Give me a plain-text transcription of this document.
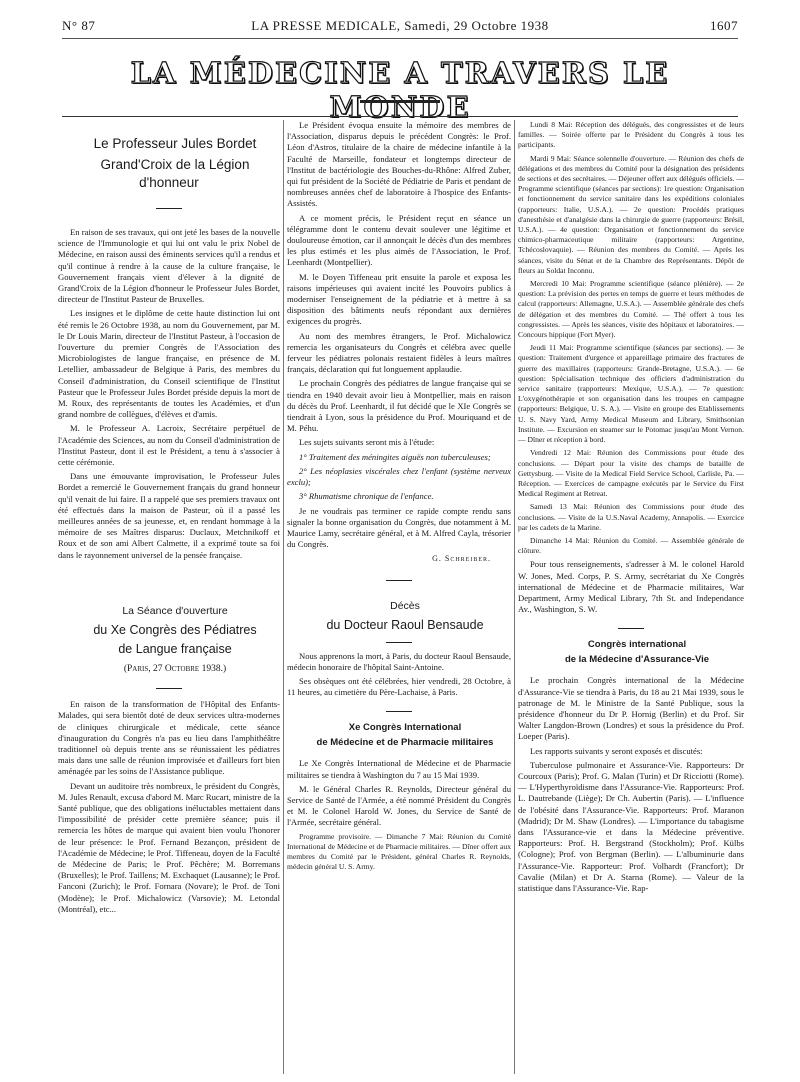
N° 87	LA PRESSE MEDICALE, Samedi, 29 Octobre 1938	1607
LA MÉDECINE A TRAVERS LE MONDE

Le Professeur Jules Bordet

Grand'Croix de la Légion d'honneur

En raison de ses travaux, qui ont jeté les bases de la nouvelle science de l'Immunologie et qui lui ont valu le prix Nobel de Médecine, en raison aussi des éminents services qu'il a rendus et qu'il continue à rendre à la cause de la culture française, le Gouvernement français vient d'élever à la dignité de Grand'Croix de la Légion d'honneur le Professeur Jules Bordet, directeur de l'Institut Pasteur de Bruxelles.

Les insignes et le diplôme de cette haute distinction lui ont été remis le 26 Octobre 1938, au nom du Gouvernement, par M. le Dr Louis Marin, directeur de l'Institut Pasteur, à l'occasion de l'ouverture du premier Congrès de l'Association des Microbiologistes de langue française, en présence de M. Letellier, ambassadeur de Belgique à Paris, des membres du Conseil d'administration, du Conseil scientifique de l'Institut Pasteur que le Professeur Jules Bordet préside depuis la mort de M. Roux, des représentants de toutes les Académies, et d'un grand nombre de collègues, d'élèves et d'amis.

M. le Professeur A. Lacroix, Secrétaire perpétuel de l'Académie des Sciences, au nom du Conseil d'administration de l'Institut Pasteur, dont il est le Président, a tenu à s'associer à cette cérémonie.

Dans une émouvante improvisation, le Professeur Jules Bordet a remercié le Gouvernement français du grand honneur qu'il venait de lui faire. Il a rappelé que ses premiers travaux ont été effectués dans la maison de Pasteur, où il a passé les meilleures années de sa jeunesse, et, en rendant hommage à la mémoire de ses Maîtres disparus: Duclaux, Metchnikoff et Roux et de son ami Albert Calmette, il a exprimé toute sa foi dans le rayonnement universel de la pensée française.

La Séance d'ouverture

du Xe Congrès des Pédiatres

de Langue française

(Paris, 27 Octobre 1938.)

En raison de la transformation de l'Hôpital des Enfants-Malades, qui sera bientôt doté de deux services ultra-modernes de cliniques chirurgicale et médicale, cette séance d'inauguration du Congrès n'a pas eu lieu dans l'amphithéâtre traditionnel où depuis trente ans se réunissaient les pédiatres mais dans une salle de réunion improvisée et d'ailleurs fort bien aménagée par les soins de l'Assistance publique.

Devant un auditoire très nombreux, le président du Congrès, M. Jules Renault, excusa d'abord M. Marc Rucart, ministre de la Santé publique, que des obligations inéluctables mettaient dans l'impossibilité de présider cette première séance; puis il remercia les hôtes de marque qui avaient bien voulu l'honorer de leur présence: le Prof. Fernand Bezançon, président de l'Académie de Médecine; le Prof. Tiffeneau, doyen de la Faculté de Médecine de Paris; le Prof. Pêchère; M. Borremans (Bruxelles); le Prof. Taillens; M. Exchaquet (Lausanne); le Prof. Fanconi (Zurich); le Prof. Fornara (Novare); le Prof. de Toni (Modène); le Prof. Michalowicz (Varsovie); M. Letondal (Montréal), etc...

Le Président évoqua ensuite la mémoire des membres de l'Association, disparus depuis le précédent Congrès: le Prof. Léon d'Astros, titulaire de la chaire de médecine infantile à la Faculté de Marseille, fondateur et longtemps directeur de l'Institut de bactériologie des Bouches-du-Rhône: Alfred Zuber, qui fut président de la Société de Pédiatrie de Paris et pendant de nombreuses années chef de laboratoire à l'hospice des Enfants-Assistés.

A ce moment précis, le Président reçut en séance un télégramme dont le contenu devait soulever une légitime et douloureuse émotion, car il annonçait le décès d'un des membres les plus estimés et les plus aimés de l'Association, le Prof. Leenhardt (Montpellier).

M. le Doyen Tiffeneau prit ensuite la parole et exposa les raisons impérieuses qui avaient incité les Pouvoirs publics à moderniser l'enseignement de la pédiatrie et à mettre à sa disposition des bâtiments neufs répondant aux dernières exigences du progrès.

Au nom des membres étrangers, le Prof. Michalowicz remercia les organisateurs du Congrès et célébra avec quelle ferveur les pédiatres polonais restaient fidèles à leurs maîtres français, déclaration qui fut longuement applaudie.

Le prochain Congrès des pédiatres de langue française qui se tiendra en 1940 devait avoir lieu à Montpellier, mais en raison du décès du Prof. Leenhardt, il fut décidé que le XIe Congrès se tiendrait à Lyon, sous la présidence du Prof. Mouriquand et de M. Péhu.

Les sujets suivants seront mis à l'étude:

1° Traitement des méningites aiguës non tuberculeuses;

2° Les néoplasies viscérales chez l'enfant (système nerveux exclu);

3° Rhumatisme chronique de l'enfance.

Je ne voudrais pas terminer ce rapide compte rendu sans signaler la bonne organisation du Congrès, due notamment à M. Maurice Lamy, secrétaire général, et à M. Alfred Cayla, trésorier du Congrès.

G. Schreiber.

Décès

du Docteur Raoul Bensaude

Nous apprenons la mort, à Paris, du docteur Raoul Bensaude, médecin honoraire de l'hôpital Saint-Antoine.

Ses obsèques ont été célébrées, hier vendredi, 28 Octobre, à 11 heures, au cimetière du Père-Lachaise, à Paris.

Xe Congrès International

de Médecine et de Pharmacie militaires

Le Xe Congrès International de Médecine et de Pharmacie militaires se tiendra à Washington du 7 au 15 Mai 1939.

M. le Général Charles R. Reynolds, Directeur général du Service de Santé de l'Armée, a été nommé Président du Congrès et M. le Colonel Harold W. Jones, du Service de Santé de l'Armée, secrétaire général.

Programme provisoire. — Dimanche 7 Mai: Réunion du Comité International de Médecine et de Pharmacie militaires. — Dîner offert aux membres du Comité par le Président, général Charles R. Reynolds, médecin général U. S. Army.

Lundi 8 Mai: Réception des délégués, des congressistes et de leurs familles. — Soirée offerte par le Président du Congrès à tous les participants.

Mardi 9 Mai: Séance solennelle d'ouverture. — Réunion des chefs de délégations et des membres du Comité pour la désignation des présidents de sections et des secrétaires. — Déjeuner offert aux délégués officiels. — Programme scientifique (séances par sections): 1re question: Organisation et fonctionnement du service sanitaire dans les expéditions coloniales (rapporteurs: Italie, U.S.A.). — 2e question: Procédés pratiques d'anesthésie et d'analgésie dans la chirurgie de guerre (rapporteurs: Brésil, U.S.A.). — 4e question: Organisation et fonctionnement du service chimico-pharmaceutique militaire (rapporteurs: Argentine, Tchécoslovaquie). — Réunion des membres du Comité. — Après les séances, visite du Sénat et de la Chambre des Représentants. Dépôt de fleurs au Soldat Inconnu.

Mercredi 10 Mai: Programme scientifique (séance plénière). — 2e question: La prévision des pertes en temps de guerre et leurs méthodes de calcul (rapporteurs: Allemagne, U.S.A.). — Assemblée générale des chefs de délégation et des membres du Comité. — Thé offert à tous les congressistes. — Après les séances, visite des hôpitaux et laboratoires. — Concours hippique (Fort Myer).

Jeudi 11 Mai: Programme scientifique (séances par sections). — 3e question: Traitement d'urgence et appareillage primaire des fractures de guerre des maxillaires (rapporteurs: Grande-Bretagne, U.S.A.). — 6e question: Spécialisation technique des officiers d'administration du service sanitaire (rapporteurs: Mexique, U.S.A.). — 7e question: L'oxygénothérapie et son organisation dans les troupes en campagne (rapporteurs: Belgique, U. S. A.). — Visite en groupe des Etablissements U. S. Navy Yard, Army Medical Museum and Library, Smithsonian Institute. — Excursion en steamer sur le Potomac jusqu'au Mont Vernon. — Dîner et réception à bord.

Vendredi 12 Mai: Réunion des Commissions pour étude des conclusions. — Départ pour la visite des champs de bataille de Gettysburg. — Visite de la Medical Field Service School, Carlisle, Pa. — Réception. — Exercices de campagne exécutés par le Service du First Medical Regiment at Retreat.

Samedi 13 Mai: Réunion des Commissions pour étude des conclusions. — Visite de la U.S.Naval Academy, Annapolis. — Exercice par les cadets de la Marine.

Dimanche 14 Mai: Réunion du Comité. — Assemblée générale de clôture.

Pour tous renseignements, s'adresser à M. le colonel Harold W. Jones, Med. Corps, P. S. Army, secrétariat du Xe Congrès international de Médecine et de Pharmacie militaires, War Department, Army Medical Library, 7th St. and Independance Av., Washington, S. W.

Congrès international

de la Médecine d'Assurance-Vie

Le prochain Congrès international de la Médecine d'Assurance-Vie se tiendra à Paris, du 18 au 21 Mai 1939, sous le patronage de M. le Ministre de la Santé Publique, sous la présidence d'honneur du Dr P. Hornig (Berlin) et du Prof. Sir Walter Langdon-Brown (Londres) et sous la présidence du Prof. Loeper (Paris).

Les rapports suivants y seront exposés et discutés:

Tuberculose pulmonaire et Assurance-Vie. Rapporteurs: Dr Courcoux (Paris); Prof. G. Malan (Turin) et Dr Ricciotti (Rome). — L'Hyperthyroïdisme dans l'Assurance-Vie. Rapporteurs: Prof. L. Dautrebande (Liège); Dr Ch. Aubertin (Paris). — L'influence de l'obésité dans l'Assurance-Vie. Rapporteurs: Prof. Maranon (Madrid); Dr M. Shaw (Londres). — L'importance du tabagisme dans l'Assurance-vie et dans la Médecine préventive. Rapporteurs: Prof. H. Bergstrand (Stockholm); Prof. Külbs (Cologne); Prof. von Bergman (Berlin). — L'albuminurie dans l'Assurance-Vie. Rapporteur: Prof. Volhardt (Francfort); Dr Cavalie (Milan) et Dr A. Starna (Rome). — Valeur de la statistique dans l'Assurance-Vie. Rap-
